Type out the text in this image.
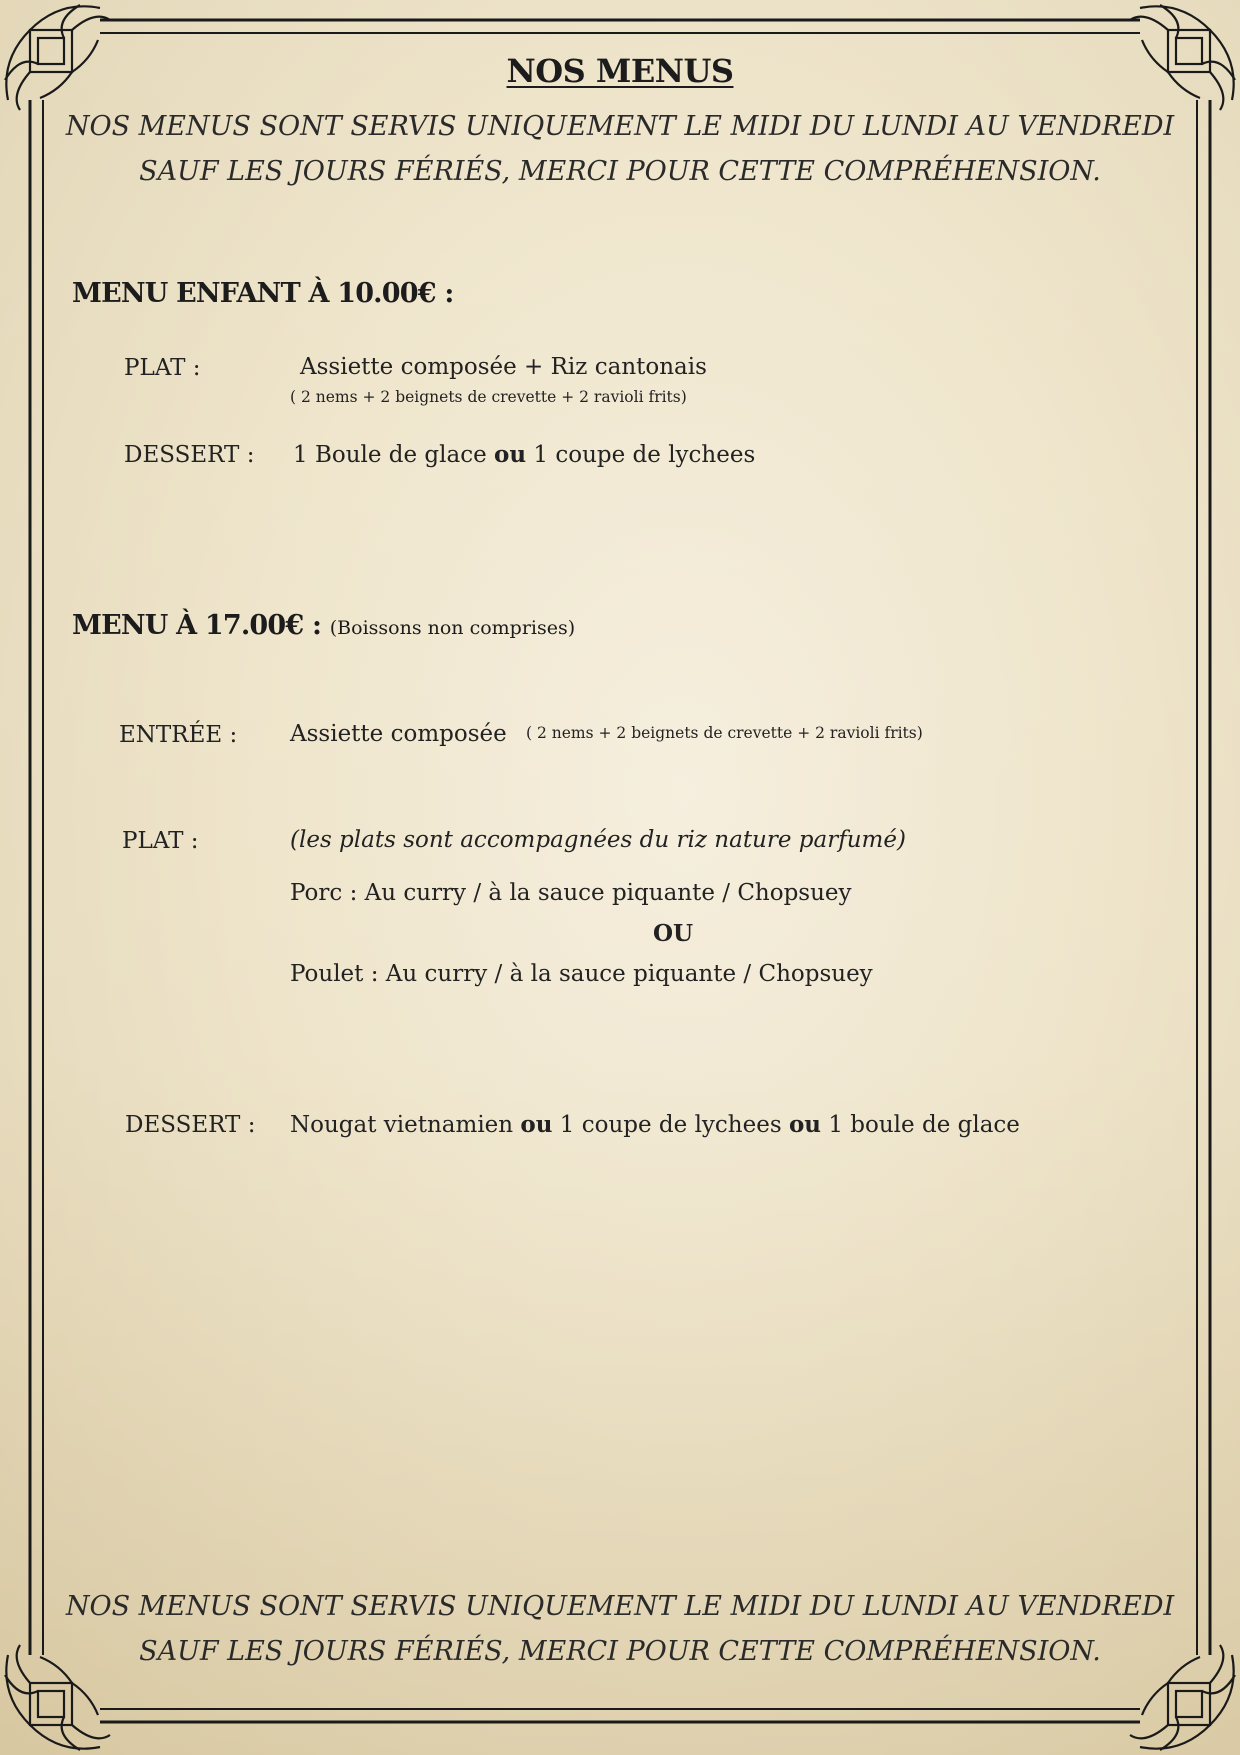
NOS MENUS

NOS MENUS SONT SERVIS UNIQUEMENT LE MIDI DU LUNDI AU VENDREDI SAUF LES JOURS FÉRIÉS, MERCI POUR CETTE COMPRÉHENSION.

MENU ENFANT À 10.00€ :
PLAT :	Assiette composée + Riz cantonais
( 2 nems + 2 beignets de crevette + 2 ravioli frits)
DESSERT : 1 Boule de glace ou 1 coupe de lychees
MENU À 17.00€ : (Boissons non comprises)
ENTRÉE : Assiette composée ( 2 nems + 2 beignets de crevette + 2 ravioli frits)
PLAT :	(les plats sont accompagnées du riz nature parfumé)
Porc : Au curry / à la sauce piquante / Chopsuey
OU
Poulet : Au curry / à la sauce piquante / Chopsuey
DESSERT : Nougat vietnamien ou 1 coupe de lychees ou 1 boule de glace

NOS MENUS SONT SERVIS UNIQUEMENT LE MIDI DU LUNDI AU VENDREDI SAUF LES JOURS FÉRIÉS, MERCI POUR CETTE COMPRÉHENSION.
